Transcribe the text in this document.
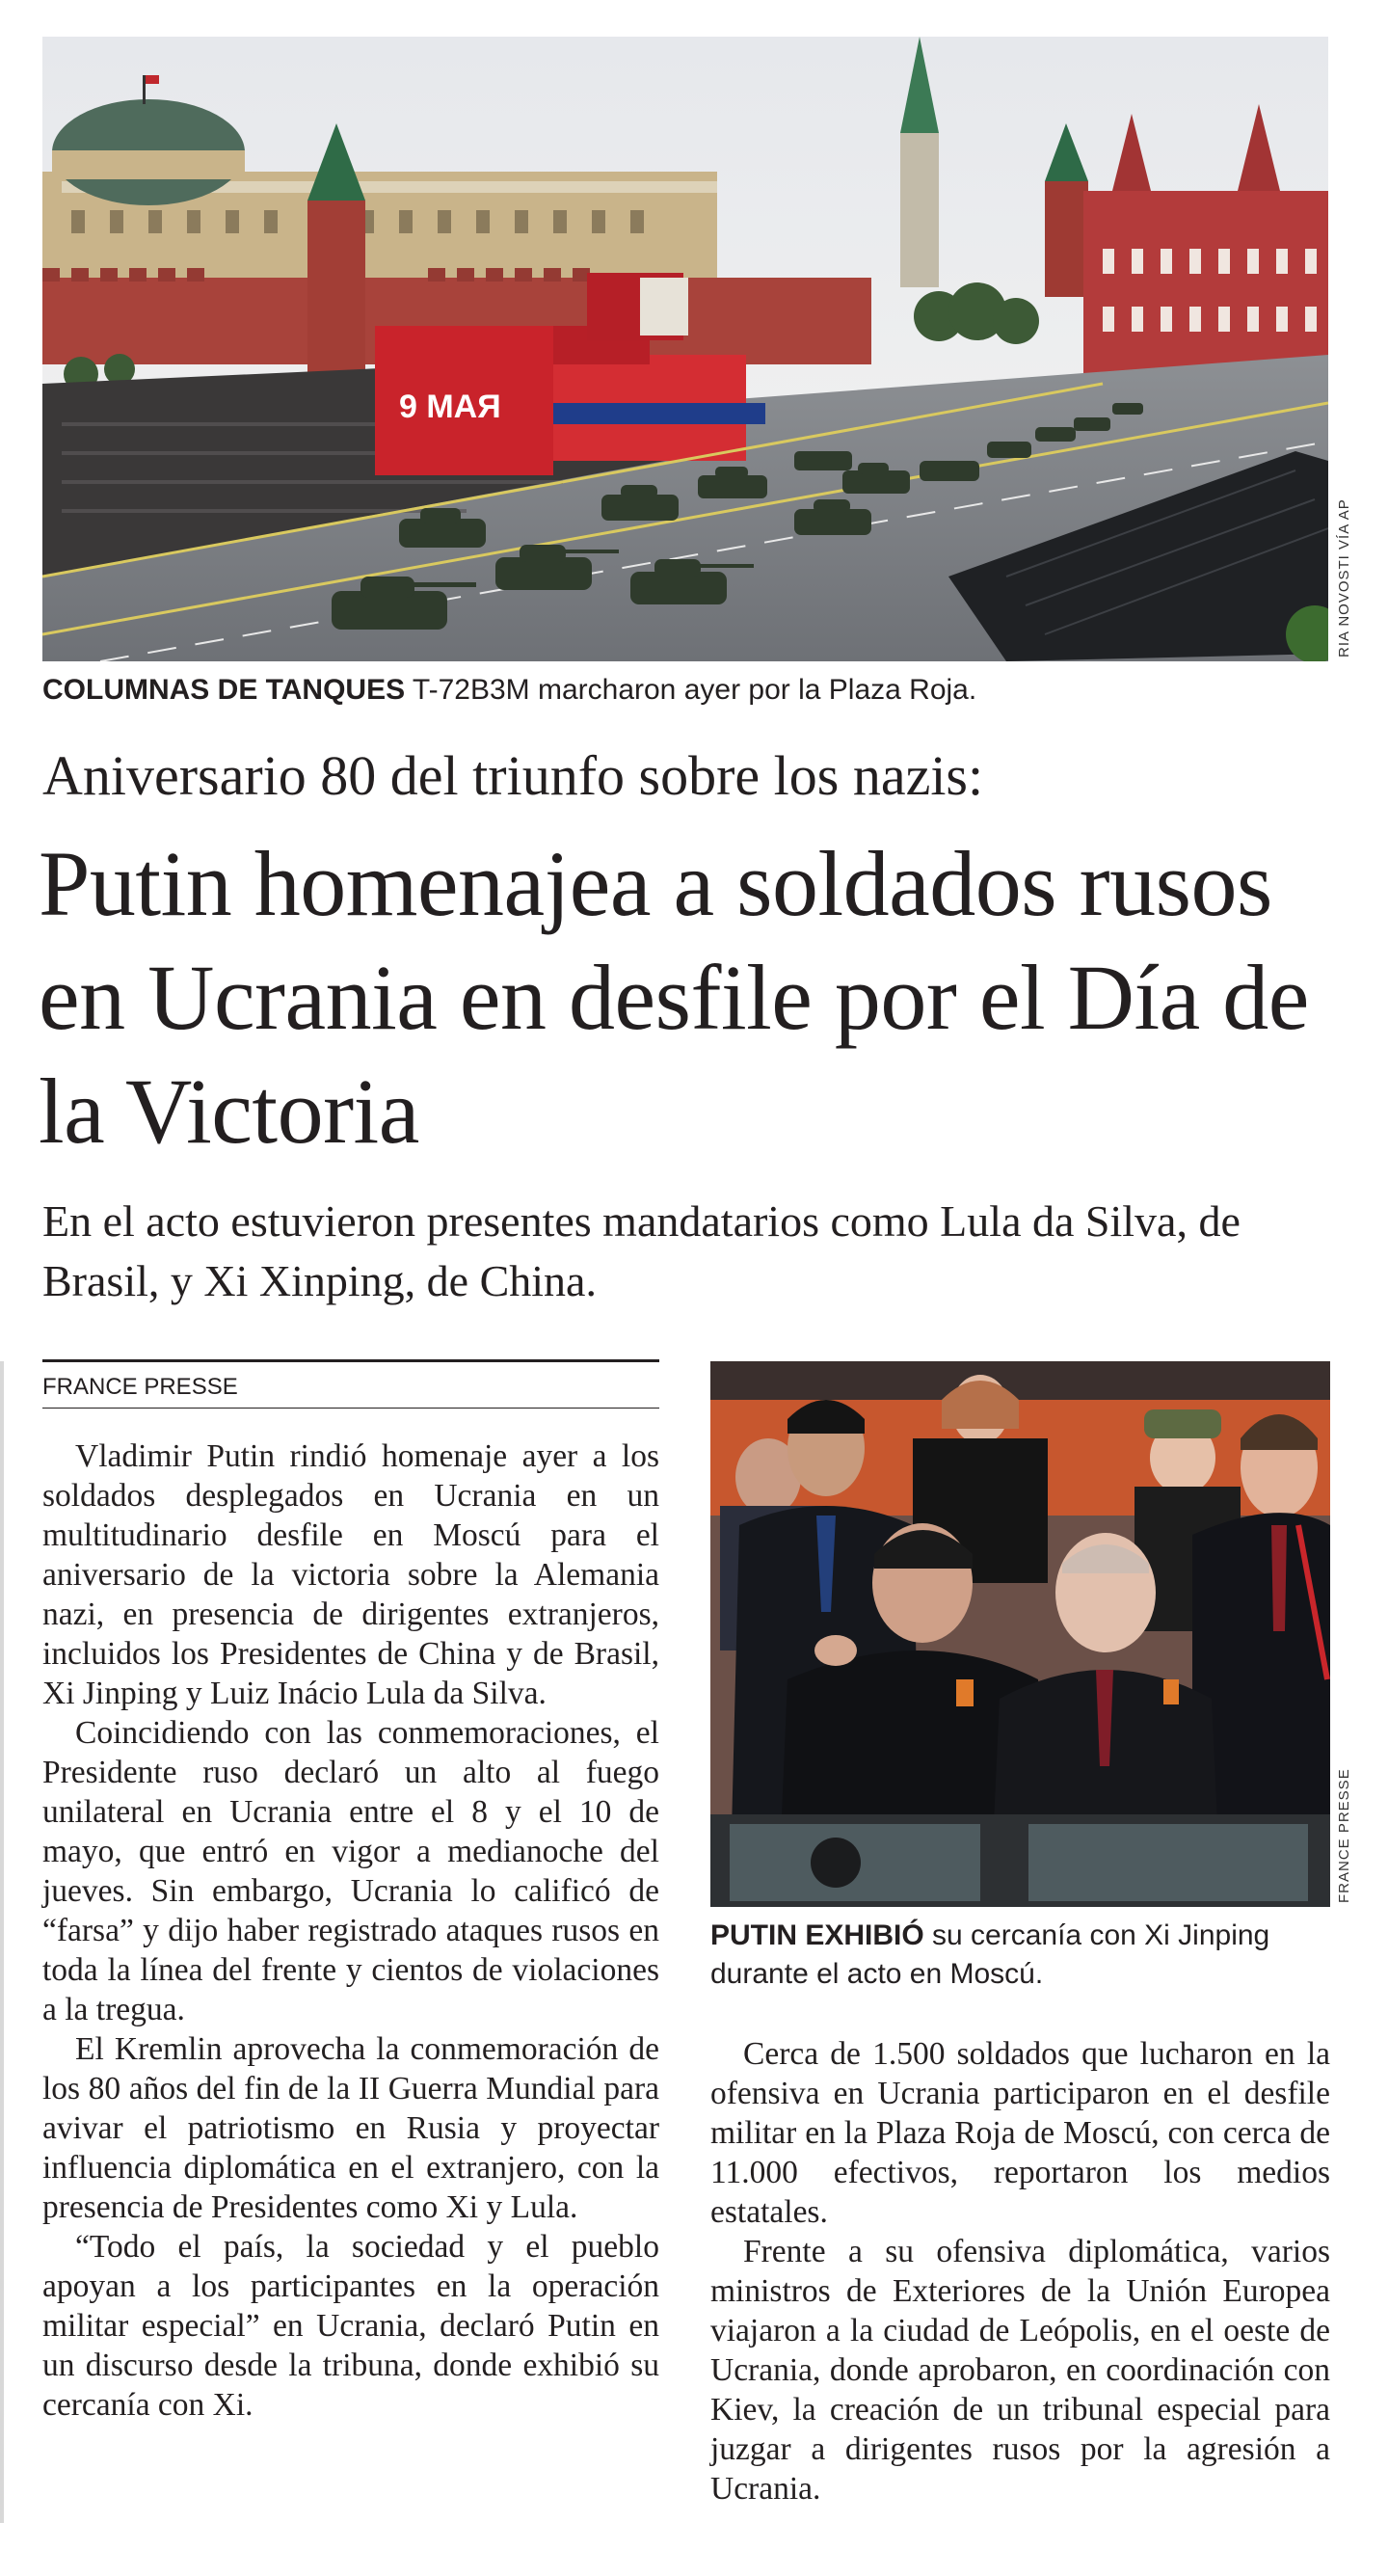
9 МАЯ
RIA NOVOSTI VÍA AP
COLUMNAS DE TANQUES T-72B3M marcharon ayer por la Plaza Roja.
Aniversario 80 del triunfo sobre los nazis:
Putin homenajea a soldados rusos en Ucrania en desfile por el Día de la Victoria
En el acto estuvieron presentes mandatarios como Lula da Silva, de Brasil, y Xi Xinping, de China.
FRANCE PRESSE

Vladimir Putin rindió homenaje ayer a los soldados desplegados en Ucrania en un multitudinario desfile en Moscú para el aniversario de la victoria sobre la Alemania nazi, en presencia de dirigentes extranjeros, incluidos los Presidentes de China y de Brasil, Xi Jinping y Luiz Inácio Lula da Silva.

Coincidiendo con las conmemoraciones, el Presidente ruso declaró un alto al fuego unilateral en Ucrania entre el 8 y el 10 de mayo, que entró en vigor a medianoche del jueves. Sin embargo, Ucrania lo calificó de “farsa” y dijo haber registrado ataques rusos en toda la línea del frente y cientos de violaciones a la tregua.

El Kremlin aprovecha la conmemoración de los 80 años del fin de la II Guerra Mundial para avivar el patriotismo en Rusia y proyectar influencia diplomática en el extranjero, con la presencia de Presidentes como Xi y Lula.

“Todo el país, la sociedad y el pueblo apoyan a los participantes en la operación militar especial” en Ucrania, declaró Putin en un discurso desde la tribuna, donde exhibió su cercanía con Xi.

FRANCE PRESSE
PUTIN EXHIBIÓ su cercanía con Xi Jinping durante el acto en Moscú.

Cerca de 1.500 soldados que lucharon en la ofensiva en Ucrania participaron en el desfile militar en la Plaza Roja de Moscú, con cerca de 11.000 efectivos, reportaron los medios estatales.

Frente a su ofensiva diplomática, varios ministros de Exteriores de la Unión Europea viajaron a la ciudad de Leópolis, en el oeste de Ucrania, donde aprobaron, en coordinación con Kiev, la creación de un tribunal especial para juzgar a dirigentes rusos por la agresión a Ucrania.
